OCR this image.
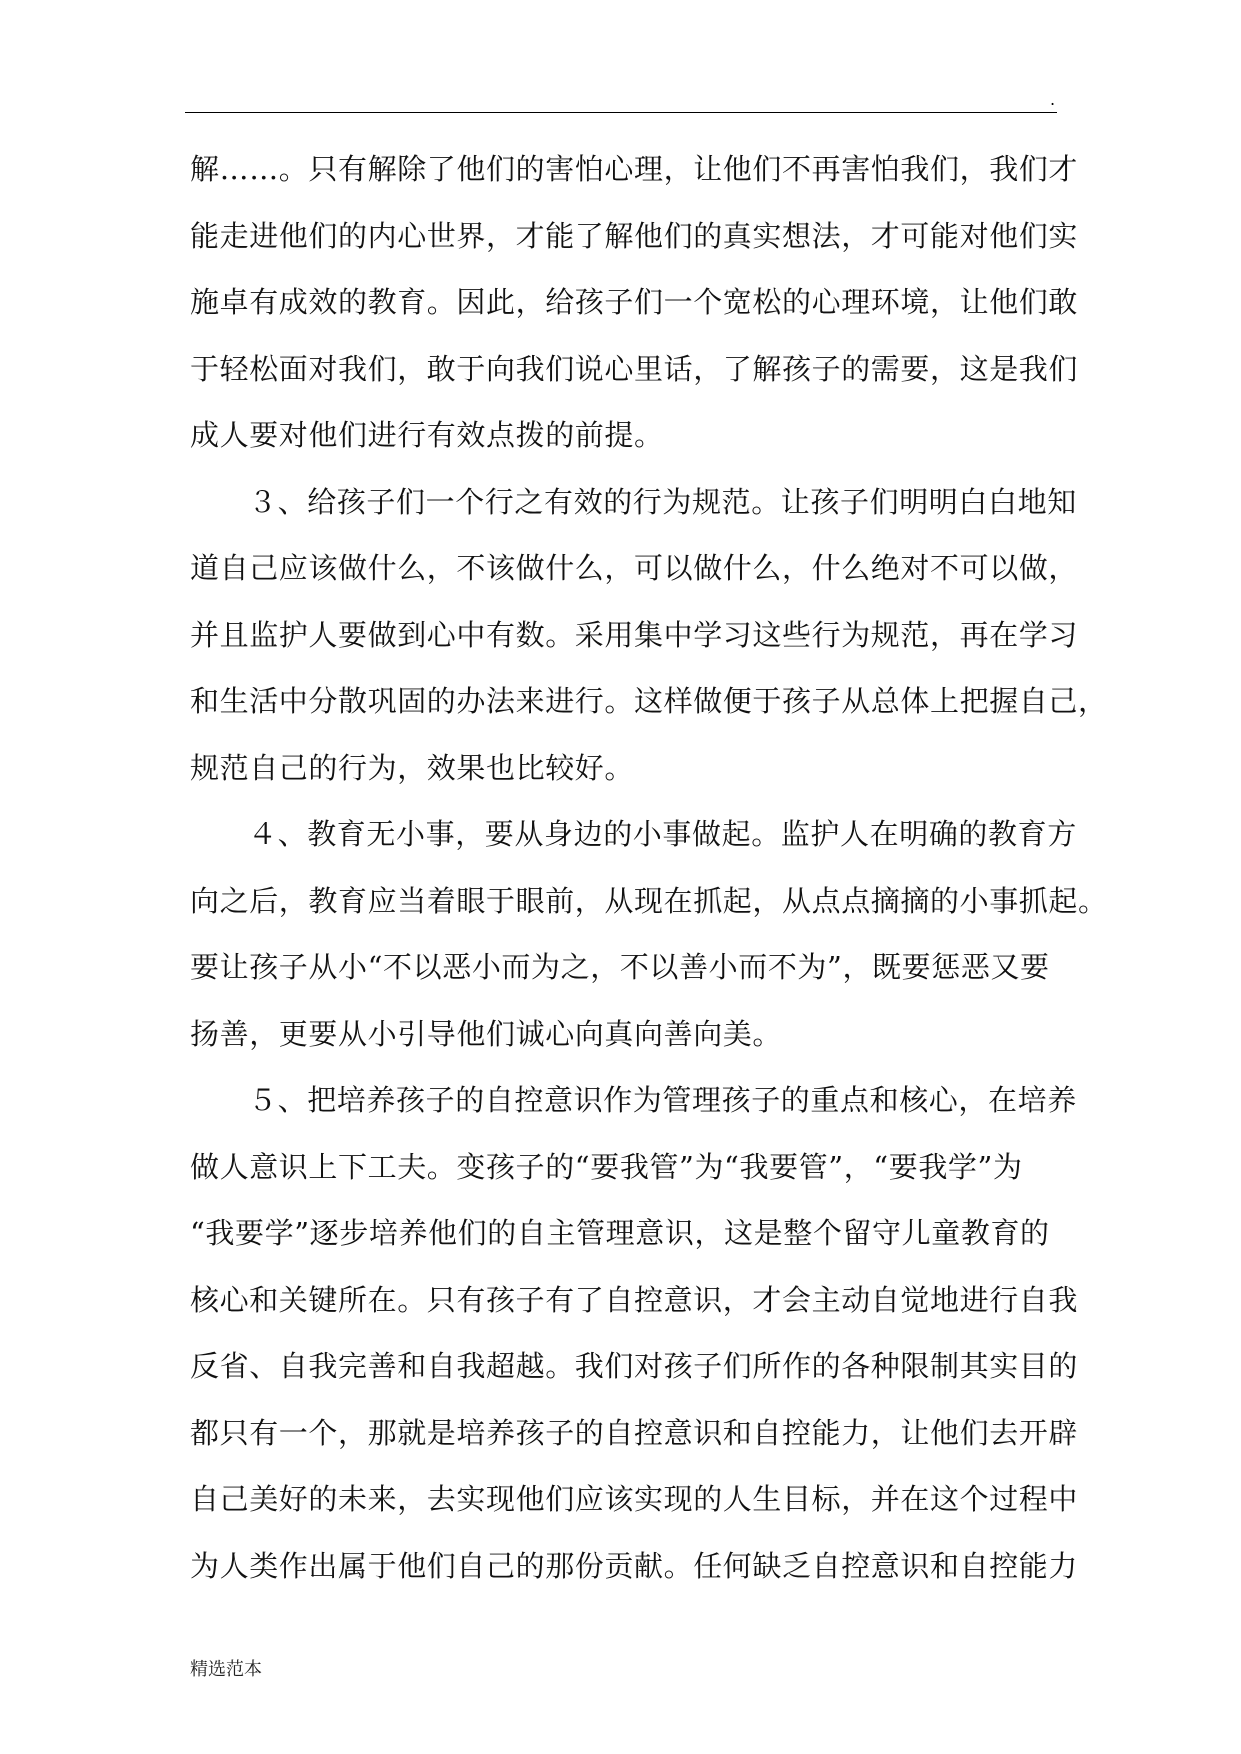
.
解……。只有解除了他们的害怕心理，让他们不再害怕我们，我们才
能走进他们的内心世界，才能了解他们的真实想法，才可能对他们实
施卓有成效的教育。因此，给孩子们一个宽松的心理环境，让他们敢
于轻松面对我们，敢于向我们说心里话，了解孩子的需要，这是我们
成人要对他们进行有效点拨的前提。
３、给孩子们一个行之有效的行为规范。让孩子们明明白白地知
道自己应该做什么，不该做什么，可以做什么，什么绝对不可以做，
并且监护人要做到心中有数。采用集中学习这些行为规范，再在学习
和生活中分散巩固的办法来进行。这样做便于孩子从总体上把握自己，
规范自己的行为，效果也比较好。
４、教育无小事，要从身边的小事做起。监护人在明确的教育方
向之后，教育应当着眼于眼前，从现在抓起，从点点摘摘的小事抓起。
要让孩子从小“不以恶小而为之，不以善小而不为”，既要惩恶又要
扬善，更要从小引导他们诚心向真向善向美。
５、把培养孩子的自控意识作为管理孩子的重点和核心，在培养
做人意识上下工夫。变孩子的“要我管”为“我要管”，“要我学”为
“我要学”逐步培养他们的自主管理意识，这是整个留守儿童教育的
核心和关键所在。只有孩子有了自控意识，才会主动自觉地进行自我
反省、自我完善和自我超越。我们对孩子们所作的各种限制其实目的
都只有一个，那就是培养孩子的自控意识和自控能力，让他们去开辟
自己美好的未来，去实现他们应该实现的人生目标，并在这个过程中
为人类作出属于他们自己的那份贡献。任何缺乏自控意识和自控能力
精选范本
